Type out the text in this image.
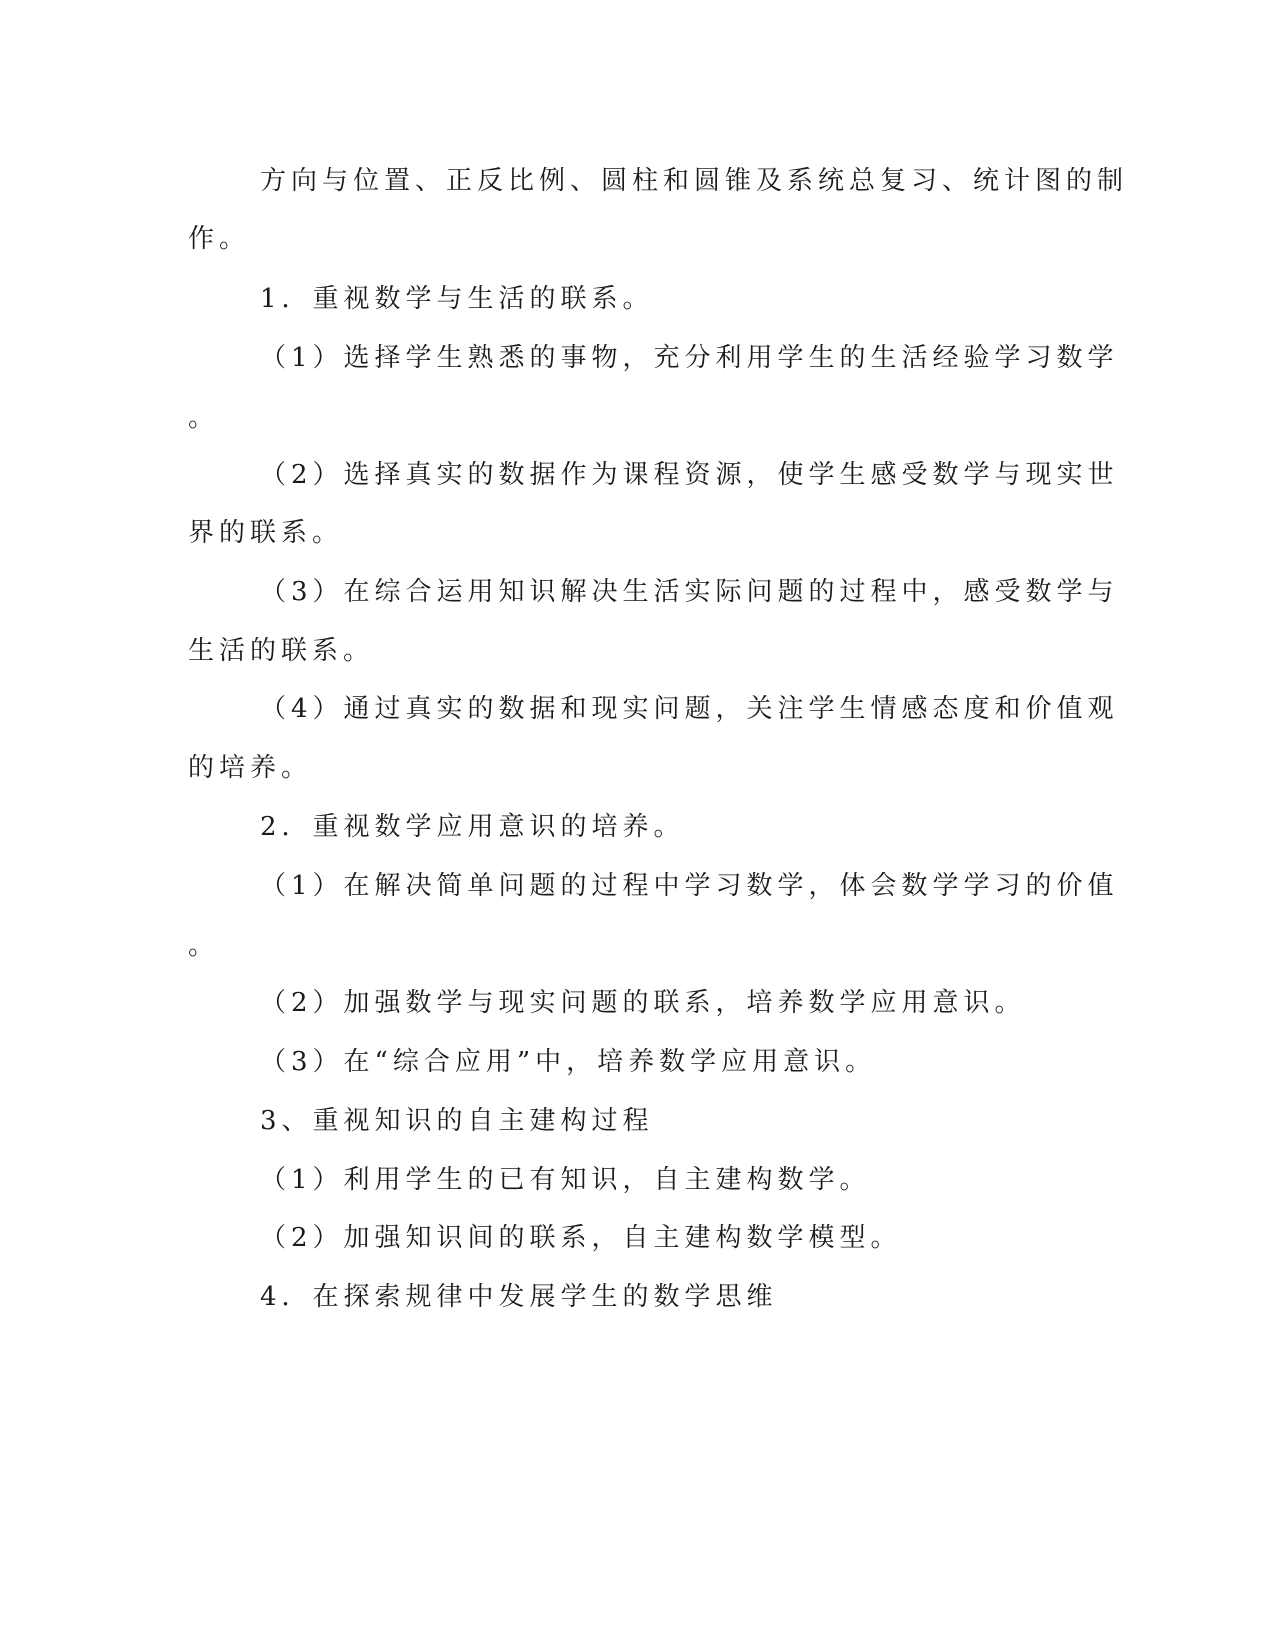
方向与位置、正反比例、圆柱和圆锥及系统总复习、统计图的制
作。
1．重视数学与生活的联系。
（1）选择学生熟悉的事物，充分利用学生的生活经验学习数学
。
（2）选择真实的数据作为课程资源，使学生感受数学与现实世
界的联系。
（3）在综合运用知识解决生活实际问题的过程中，感受数学与
生活的联系。
（4）通过真实的数据和现实问题，关注学生情感态度和价值观
的培养。
2．重视数学应用意识的培养。
（1）在解决简单问题的过程中学习数学，体会数学学习的价值
。
（2）加强数学与现实问题的联系，培养数学应用意识。
（3）在“综合应用”中，培养数学应用意识。
3、重视知识的自主建构过程
（1）利用学生的已有知识，自主建构数学。
（2）加强知识间的联系，自主建构数学模型。
4．在探索规律中发展学生的数学思维
